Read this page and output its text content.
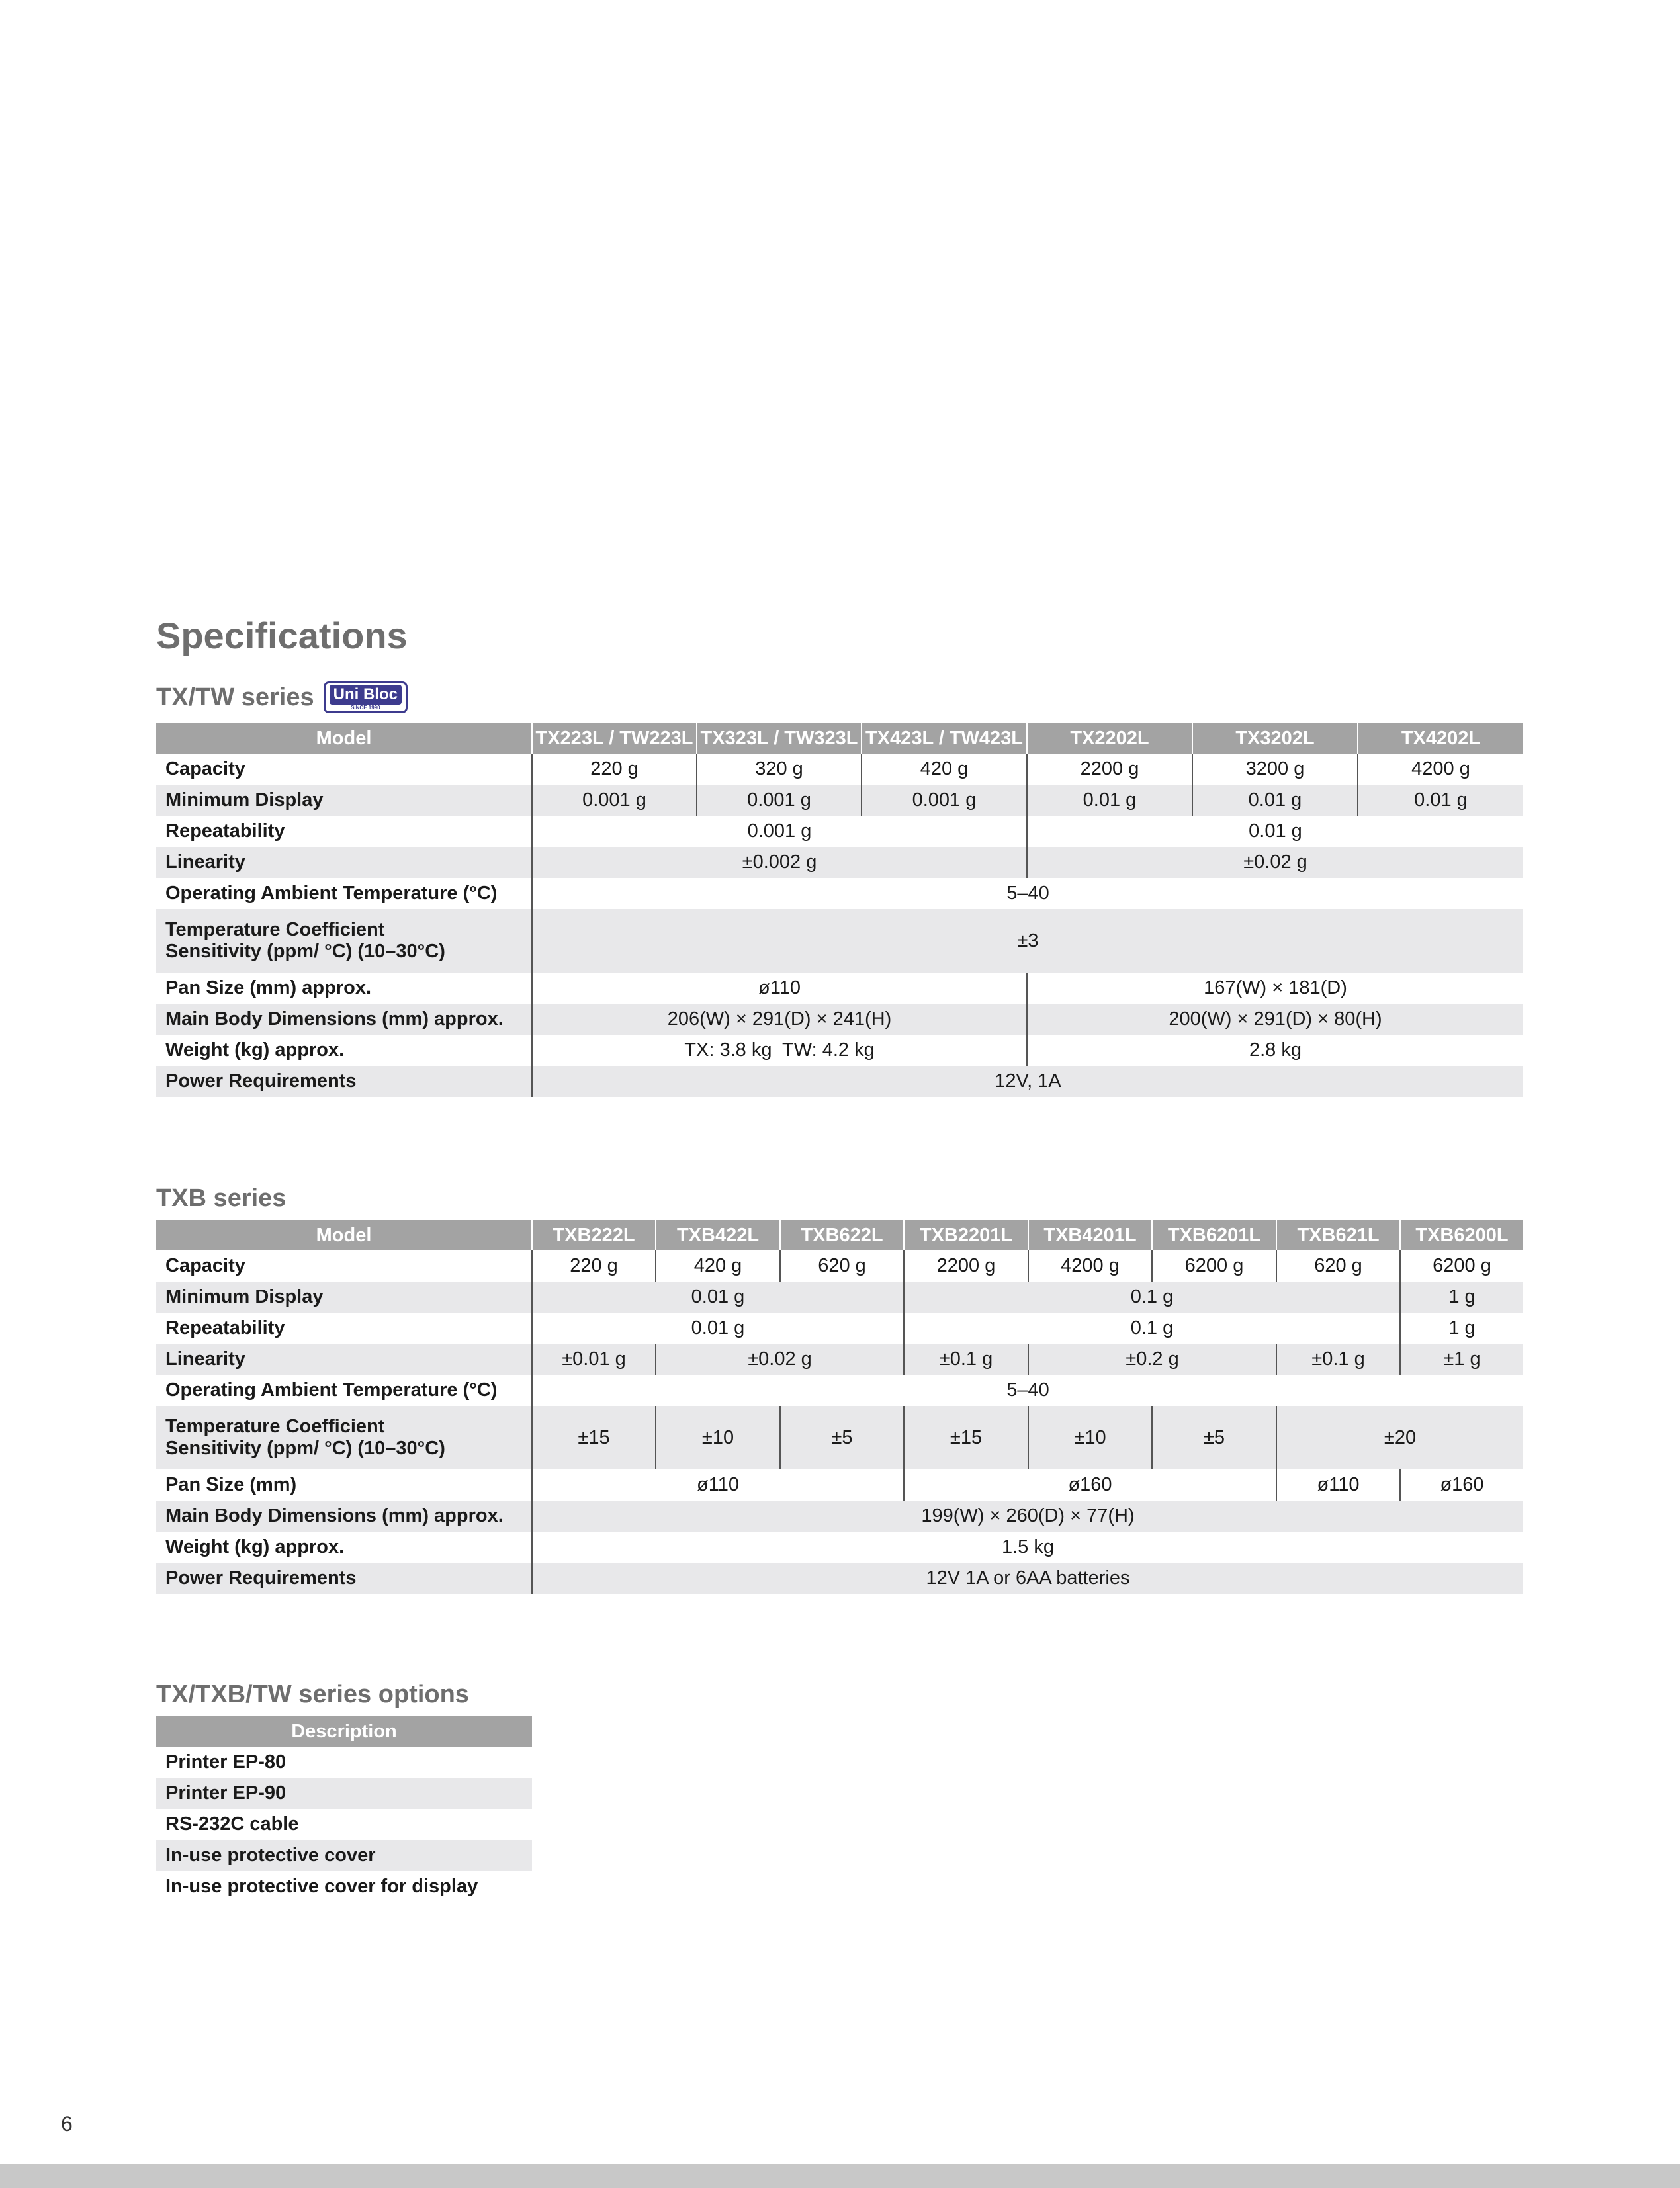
Specifications
TX/TW series Uni Bloc
SINCE 1990
Model	TX223L / TW223L	TX323L / TW323L	TX423L / TW423L	TX2202L	TX3202L	TX4202L
Capacity	220 g	320 g	420 g	2200 g	3200 g	4200 g
Minimum Display	0.001 g	0.001 g	0.001 g	0.01 g	0.01 g	0.01 g
Repeatability	0.001 g			0.01 g		
Linearity	±0.002 g			±0.02 g		
Operating Ambient Temperature (°C)	5–40					
Temperature Coefficient
Sensitivity (ppm/ °C) (10–30°C)	±3					
Pan Size (mm) approx.	ø110			167(W) × 181(D)		
Main Body Dimensions (mm) approx.	206(W) × 291(D) × 241(H)			200(W) × 291(D) × 80(H)		
Weight (kg) approx.	TX: 3.8 kg  TW: 4.2 kg			2.8 kg		
Power Requirements	12V, 1A					
TXB series
Model	TXB222L	TXB422L	TXB622L	TXB2201L	TXB4201L	TXB6201L	TXB621L	TXB6200L
Capacity	220 g	420 g	620 g	2200 g	4200 g	6200 g	620 g	6200 g
Minimum Display	0.01 g			0.1 g				1 g
Repeatability	0.01 g			0.1 g				1 g
Linearity	±0.01 g	±0.02 g		±0.1 g	±0.2 g		±0.1 g	±1 g
Operating Ambient Temperature (°C)	5–40							
Temperature Coefficient
Sensitivity (ppm/ °C) (10–30°C)	±15	±10	±5	±15	±10	±5	±20	
Pan Size (mm)	ø110			ø160			ø110	ø160
Main Body Dimensions (mm) approx.	199(W) × 260(D) × 77(H)							
Weight (kg) approx.	1.5 kg							
Power Requirements	12V 1A or 6AA batteries							
TX/TXB/TW series options
Description
Printer EP-80
Printer EP-90
RS-232C cable
In-use protective cover
In-use protective cover for display
6
